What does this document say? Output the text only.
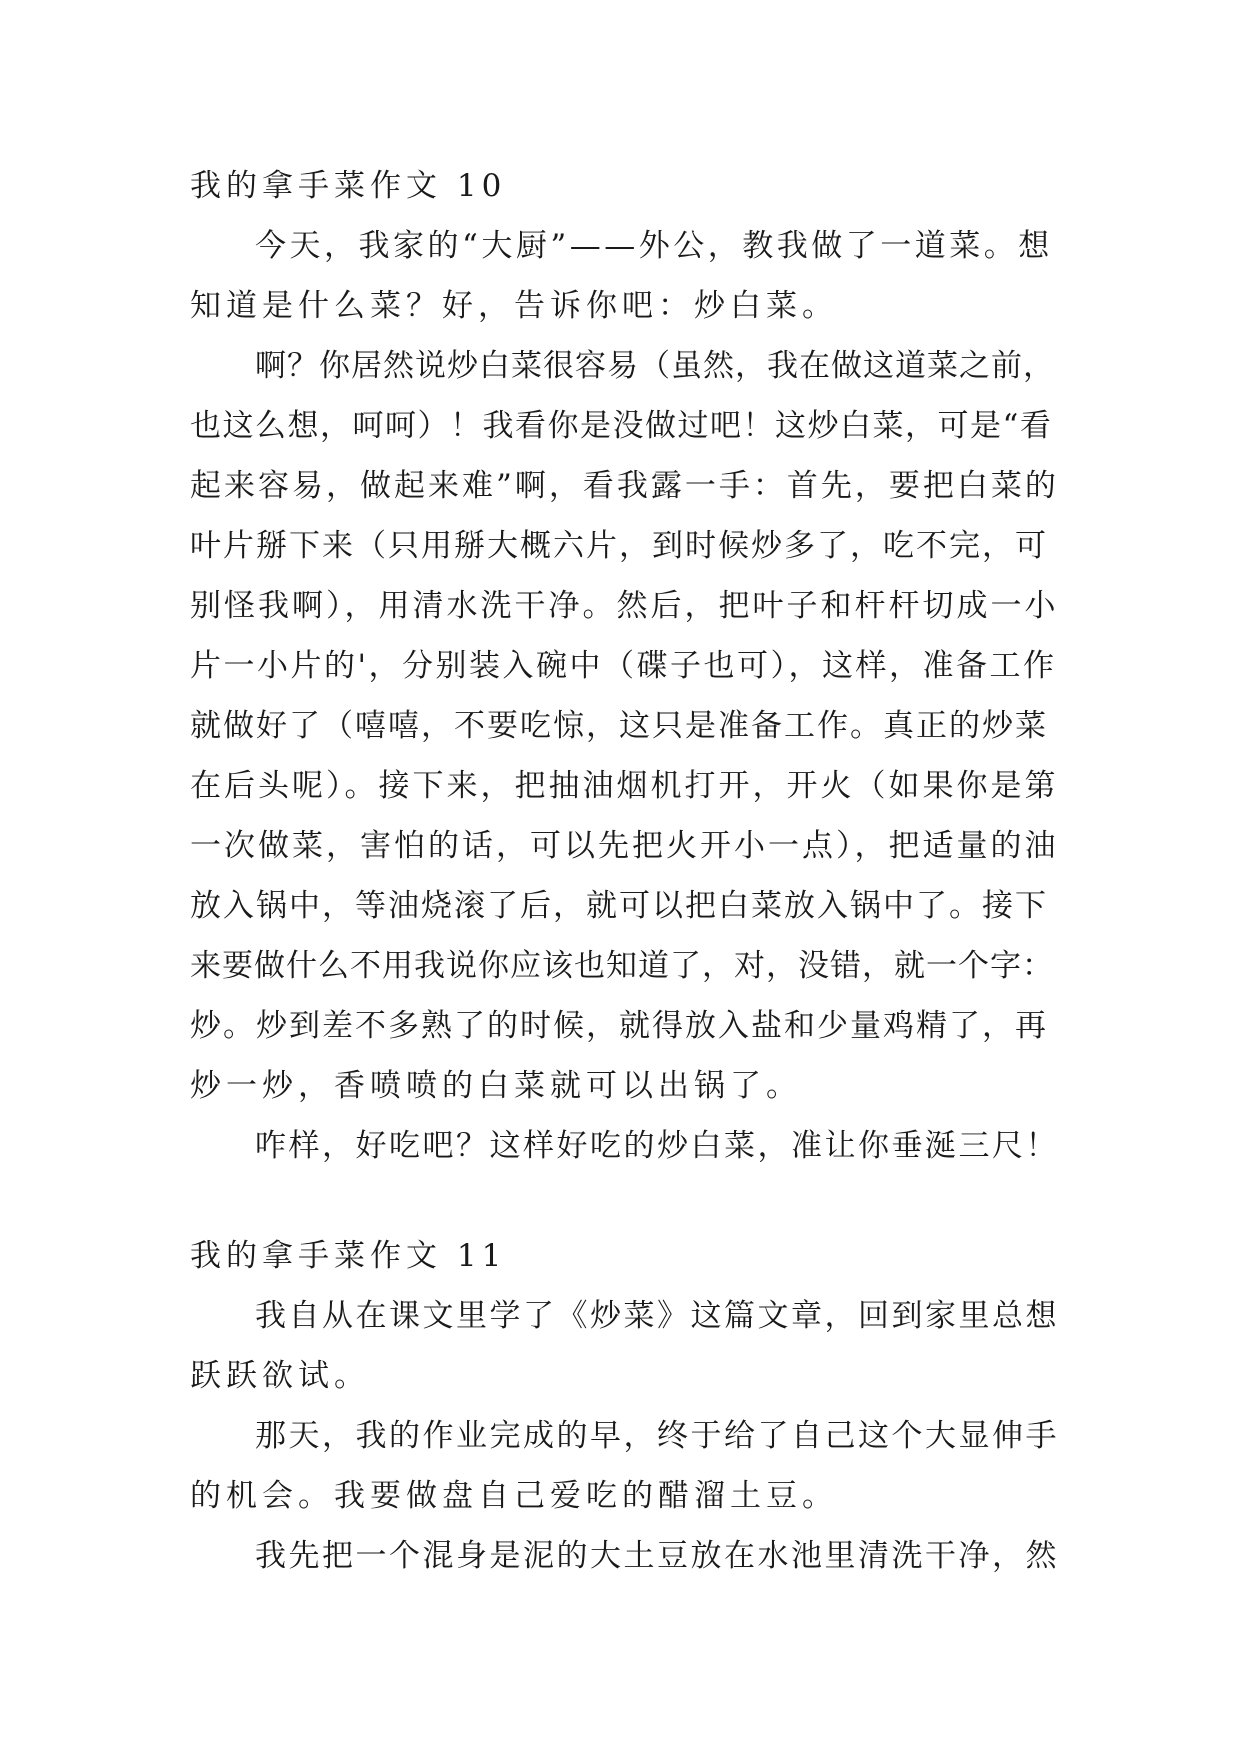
我的拿手菜作文 10
今天，我家的“大厨”——外公，教我做了一道菜。想
知道是什么菜？好，告诉你吧：炒白菜。
啊？你居然说炒白菜很容易（虽然，我在做这道菜之前，
也这么想，呵呵）！我看你是没做过吧！这炒白菜，可是“看
起来容易，做起来难”啊，看我露一手：首先，要把白菜的
叶片掰下来（只用掰大概六片，到时候炒多了，吃不完，可
别怪我啊），用清水洗干净。然后，把叶子和杆杆切成一小
片一小片的'，分别装入碗中（碟子也可），这样，准备工作
就做好了（嘻嘻，不要吃惊，这只是准备工作。真正的炒菜
在后头呢）。接下来，把抽油烟机打开，开火（如果你是第
一次做菜，害怕的话，可以先把火开小一点），把适量的油
放入锅中，等油烧滚了后，就可以把白菜放入锅中了。接下
来要做什么不用我说你应该也知道了，对，没错，就一个字：
炒。炒到差不多熟了的时候，就得放入盐和少量鸡精了，再
炒一炒，香喷喷的白菜就可以出锅了。
咋样，好吃吧？这样好吃的炒白菜，准让你垂涎三尺！
我的拿手菜作文 11
我自从在课文里学了《炒菜》这篇文章，回到家里总想
跃跃欲试。
那天，我的作业完成的早，终于给了自己这个大显伸手
的机会。我要做盘自己爱吃的醋溜土豆。
我先把一个混身是泥的大土豆放在水池里清洗干净，然
